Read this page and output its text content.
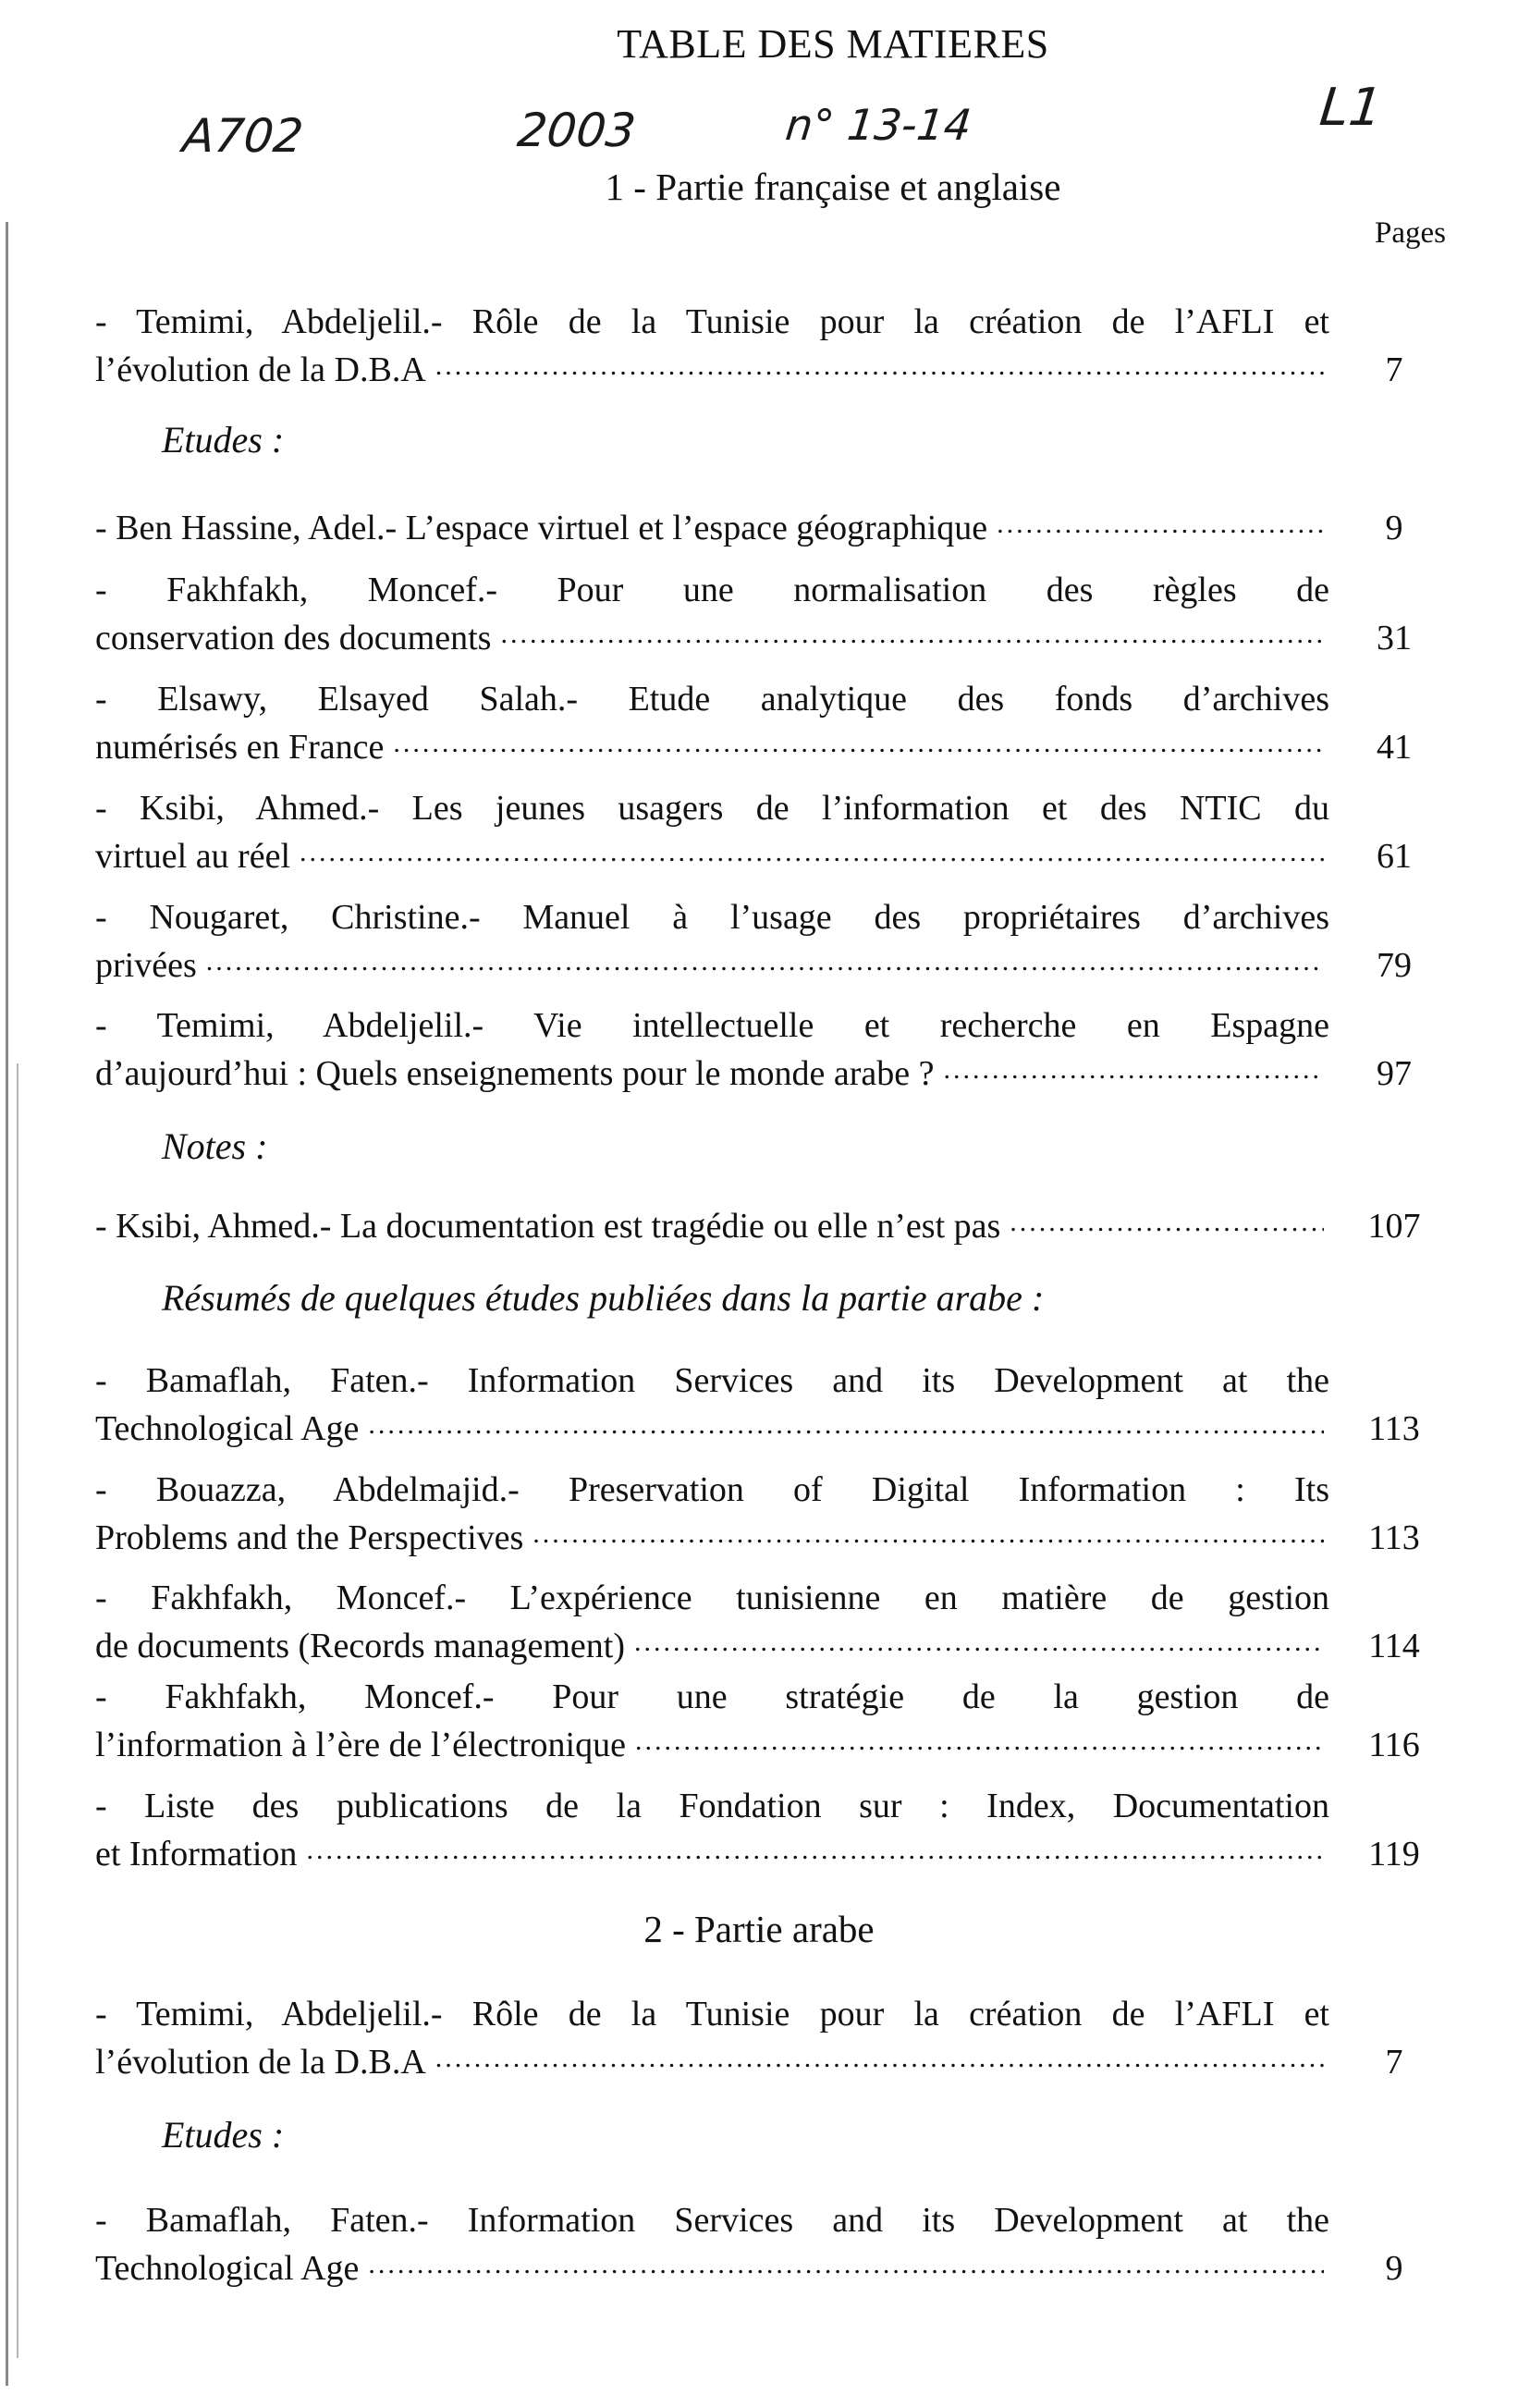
TABLE DES MATIERES
A702	2003	n° 13-14	L1
1 - Partie française et anglaise
Pages
- Temimi, Abdeljelil.- Rôle de la Tunisie pour la création de l’AFLI et
l’évolution de la D.B.A .....	7
Etudes :
- Ben Hassine, Adel.- L’espace virtuel et l’espace géographique .....	9
- Fakhfakh, Moncef.- Pour une normalisation des règles de
conservation des documents .....	31
- Elsawy, Elsayed Salah.- Etude analytique des fonds d’archives
numérisés en France .....	41
- Ksibi, Ahmed.- Les jeunes usagers de l’information et des NTIC du
virtuel au réel .....	61
- Nougaret, Christine.- Manuel à l’usage des propriétaires d’archives
privées .....	79
- Temimi, Abdeljelil.- Vie intellectuelle et recherche en Espagne
d’aujourd’hui : Quels enseignements pour le monde arabe ? .....	97
Notes :
- Ksibi, Ahmed.- La documentation est tragédie ou elle n’est pas .....	107
Résumés de quelques études publiées dans la partie arabe :
- Bamaflah, Faten.- Information Services and its Development at the
Technological Age .....	113
- Bouazza, Abdelmajid.- Preservation of Digital Information : Its
Problems and the Perspectives .....	113
- Fakhfakh, Moncef.- L’expérience tunisienne en matière de gestion
de documents (Records management) .....	114
- Fakhfakh, Moncef.- Pour une stratégie de la gestion de
l’information à l’ère de l’électronique .....	116
- Liste des publications de la Fondation sur : Index, Documentation
et Information .....	119
2 - Partie arabe
- Temimi, Abdeljelil.- Rôle de la Tunisie pour la création de l’AFLI et
l’évolution de la D.B.A .....	7
Etudes :
- Bamaflah, Faten.- Information Services and its Development at the
Technological Age .....	9
